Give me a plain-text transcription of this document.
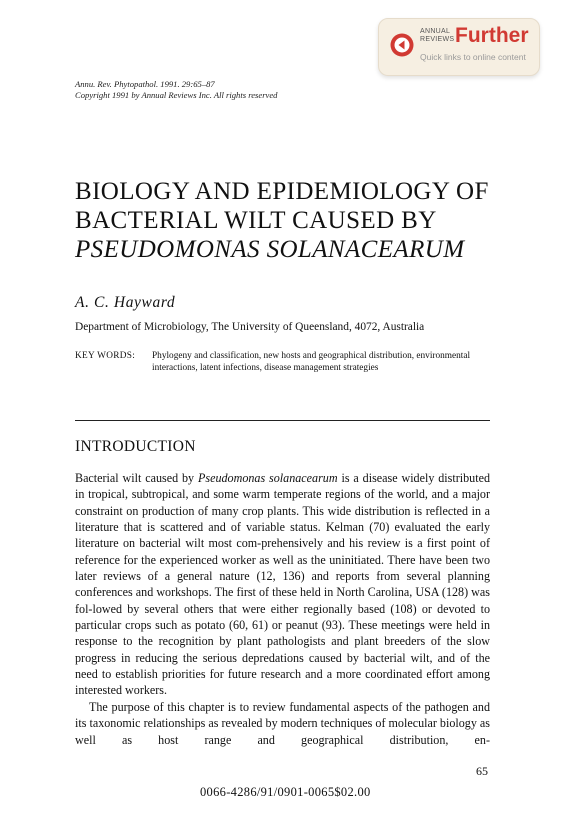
ANNUAL
REVIEWS Further
Quick links to online content
Annu. Rev. Phytopathol. 1991. 29:65–87
Copyright 1991 by Annual Reviews Inc. All rights reserved
BIOLOGY AND EPIDEMIOLOGY OF
BACTERIAL WILT CAUSED BY
PSEUDOMONAS SOLANACEARUM
A. C. Hayward
Department of Microbiology, The University of Queensland, 4072, Australia
KEY WORDS: Phylogeny and classification, new hosts and geographical distribution, environmental interactions, latent infections, disease management strategies
INTRODUCTION

Bacterial wilt caused by Pseudomonas solanacearum is a disease widely distributed in tropical, subtropical, and some warm temperate regions of the world, and a major constraint on production of many crop plants. This wide distribution is reflected in a literature that is scattered and of variable status. Kelman (70) evaluated the early literature on bacterial wilt most com-prehensively and his review is a first point of reference for the experienced worker as well as the uninitiated. There have been two later reviews of a general nature (12, 136) and reports from several planning conferences and workshops. The first of these held in North Carolina, USA (128) was fol-lowed by several others that were either regionally based (108) or devoted to particular crops such as potato (60, 61) or peanut (93). These meetings were held in response to the recognition by plant pathologists and plant breeders of the slow progress in reducing the serious depredations caused by bacterial wilt, and of the need to establish priorities for future research and a more coordinated effort among interested workers.

The purpose of this chapter is to review fundamental aspects of the pathogen and its taxonomic relationships as revealed by modern techniques of molecular biology as well as host range and geographical distribution, en-

65
0066-4286/91/0901-0065$02.00
